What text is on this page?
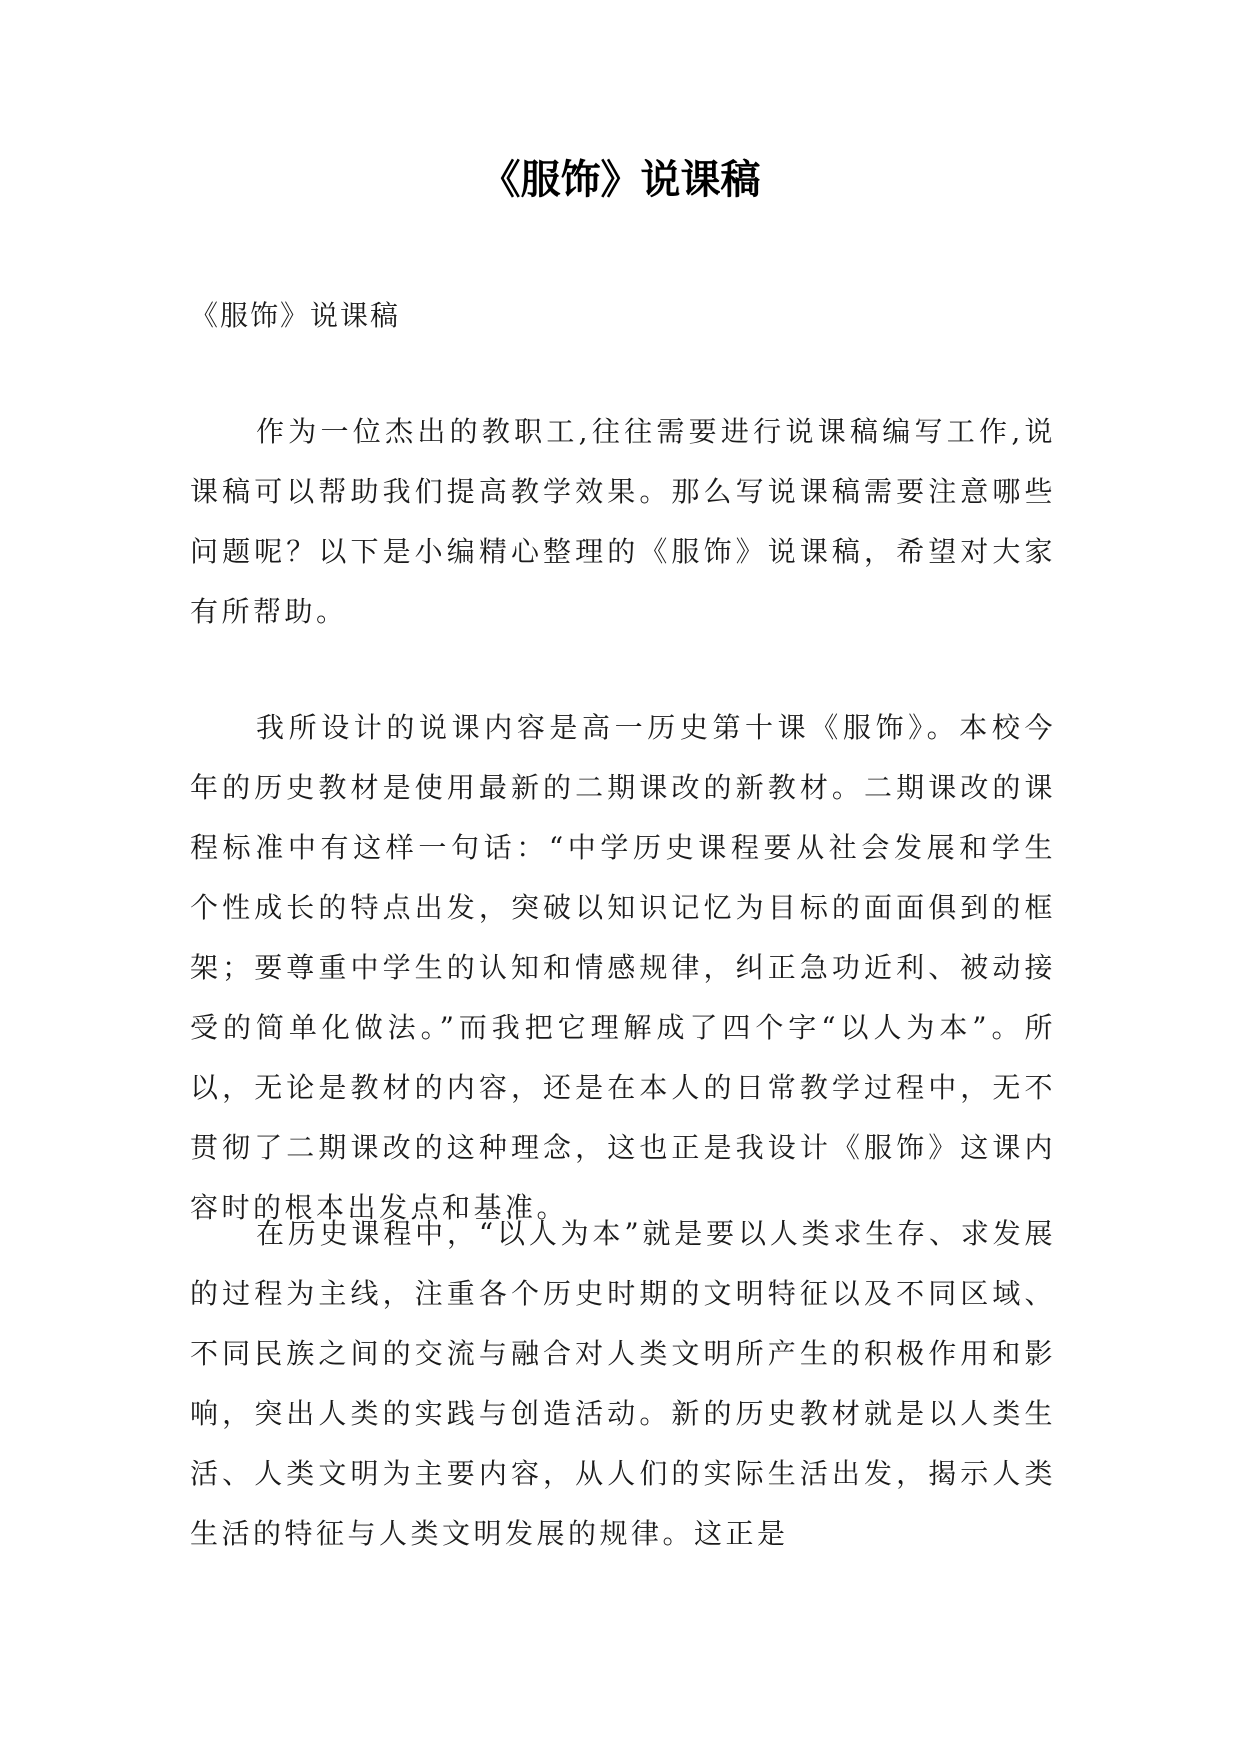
《服饰》说课稿

《服饰》说课稿

作为一位杰出的教职工,往往需要进行说课稿编写工作,说课稿可以帮助我们提高教学效果。那么写说课稿需要注意哪些问题呢？以下是小编精心整理的《服饰》说课稿，希望对大家有所帮助。

我所设计的说课内容是高一历史第十课《服饰》。本校今年的历史教材是使用最新的二期课改的新教材。二期课改的课程标准中有这样一句话：“中学历史课程要从社会发展和学生个性成长的特点出发，突破以知识记忆为目标的面面俱到的框架；要尊重中学生的认知和情感规律，纠正急功近利、被动接受的简单化做法。”而我把它理解成了四个字“以人为本”。所以，无论是教材的内容，还是在本人的日常教学过程中，无不贯彻了二期课改的这种理念，这也正是我设计《服饰》这课内容时的根本出发点和基准。

在历史课程中，“以人为本”就是要以人类求生存、求发展的过程为主线，注重各个历史时期的文明特征以及不同区域、不同民族之间的交流与融合对人类文明所产生的积极作用和影响，突出人类的实践与创造活动。新的历史教材就是以人类生活、人类文明为主要内容，从人们的实际生活出发，揭示人类生活的特征与人类文明发展的规律。这正是
